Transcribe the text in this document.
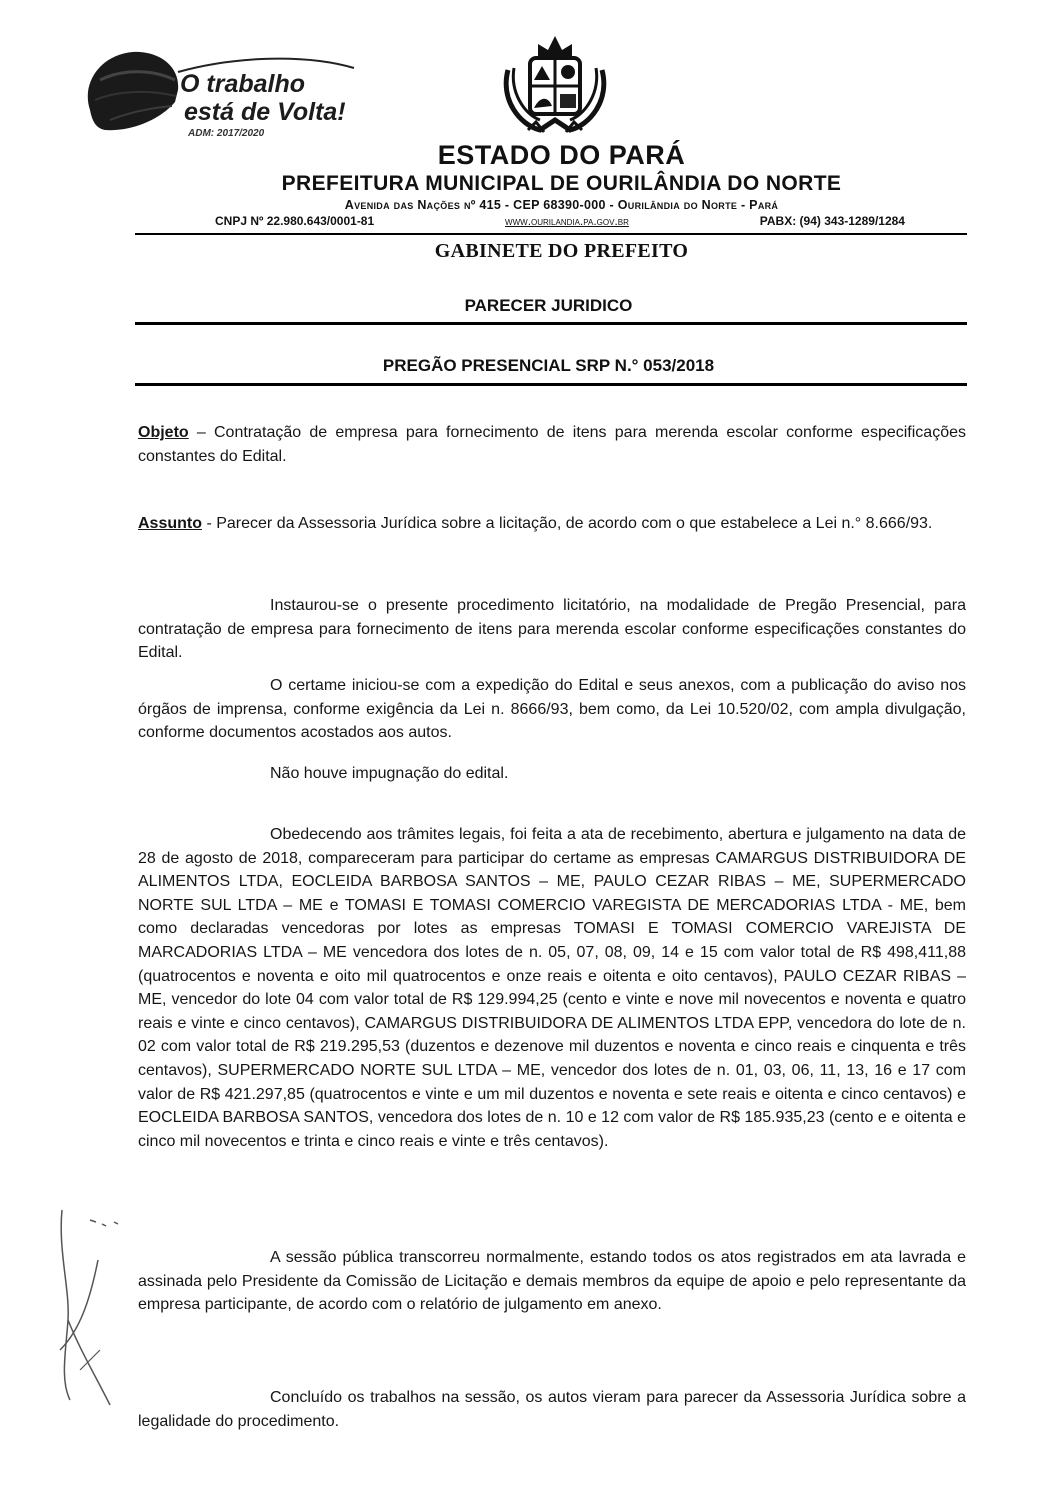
O trabalho
está de Volta!
ADM: 2017/2020
ESTADO DO PARÁ
PREFEITURA MUNICIPAL DE OURILÂNDIA DO NORTE
Avenida das Nações nº 415 - CEP 68390-000 - Ourilândia do Norte - Pará
CNPJ Nº 22.980.643/0001-81	www.ourilandia.pa.gov.br	PABX: (94) 343-1289/1284
GABINETE DO PREFEITO
PARECER JURIDICO
PREGÃO PRESENCIAL SRP N.° 053/2018
Objeto – Contratação de empresa para fornecimento de itens para merenda escolar conforme especificações constantes do Edital.
Assunto - Parecer da Assessoria Jurídica sobre a licitação, de acordo com o que estabelece a Lei n.° 8.666/93.
Instaurou-se o presente procedimento licitatório, na modalidade de Pregão Presencial, para contratação de empresa para fornecimento de itens para merenda escolar conforme especificações constantes do Edital.
O certame iniciou-se com a expedição do Edital e seus anexos, com a publicação do aviso nos órgãos de imprensa, conforme exigência da Lei n. 8666/93, bem como, da Lei 10.520/02, com ampla divulgação, conforme documentos acostados aos autos.
Não houve impugnação do edital.
Obedecendo aos trâmites legais, foi feita a ata de recebimento, abertura e julgamento na data de 28 de agosto de 2018, compareceram para participar do certame as empresas CAMARGUS DISTRIBUIDORA DE ALIMENTOS LTDA, EOCLEIDA BARBOSA SANTOS – ME, PAULO CEZAR RIBAS – ME, SUPERMERCADO NORTE SUL LTDA – ME e TOMASI E TOMASI COMERCIO VAREGISTA DE MERCADORIAS LTDA - ME, bem como declaradas vencedoras por lotes as empresas TOMASI E TOMASI COMERCIO VAREJISTA DE MARCADORIAS LTDA – ME vencedora dos lotes de n. 05, 07, 08, 09, 14 e 15 com valor total de R$ 498,411,88 (quatrocentos e noventa e oito mil quatrocentos e onze reais e oitenta e oito centavos), PAULO CEZAR RIBAS – ME, vencedor do lote 04 com valor total de R$ 129.994,25 (cento e vinte e nove mil novecentos e noventa e quatro reais e vinte e cinco centavos), CAMARGUS DISTRIBUIDORA DE ALIMENTOS LTDA EPP, vencedora do lote de n. 02 com valor total de R$ 219.295,53 (duzentos e dezenove mil duzentos e noventa e cinco reais e cinquenta e três centavos), SUPERMERCADO NORTE SUL LTDA – ME, vencedor dos lotes de n. 01, 03, 06, 11, 13, 16 e 17 com valor de R$ 421.297,85 (quatrocentos e vinte e um mil duzentos e noventa e sete reais e oitenta e cinco centavos) e EOCLEIDA BARBOSA SANTOS, vencedora dos lotes de n. 10 e 12 com valor de R$ 185.935,23 (cento e e oitenta e cinco mil novecentos e trinta e cinco reais e vinte e três centavos).
A sessão pública transcorreu normalmente, estando todos os atos registrados em ata lavrada e assinada pelo Presidente da Comissão de Licitação e demais membros da equipe de apoio e pelo representante da empresa participante, de acordo com o relatório de julgamento em anexo.
Concluído os trabalhos na sessão, os autos vieram para parecer da Assessoria Jurídica sobre a legalidade do procedimento.
